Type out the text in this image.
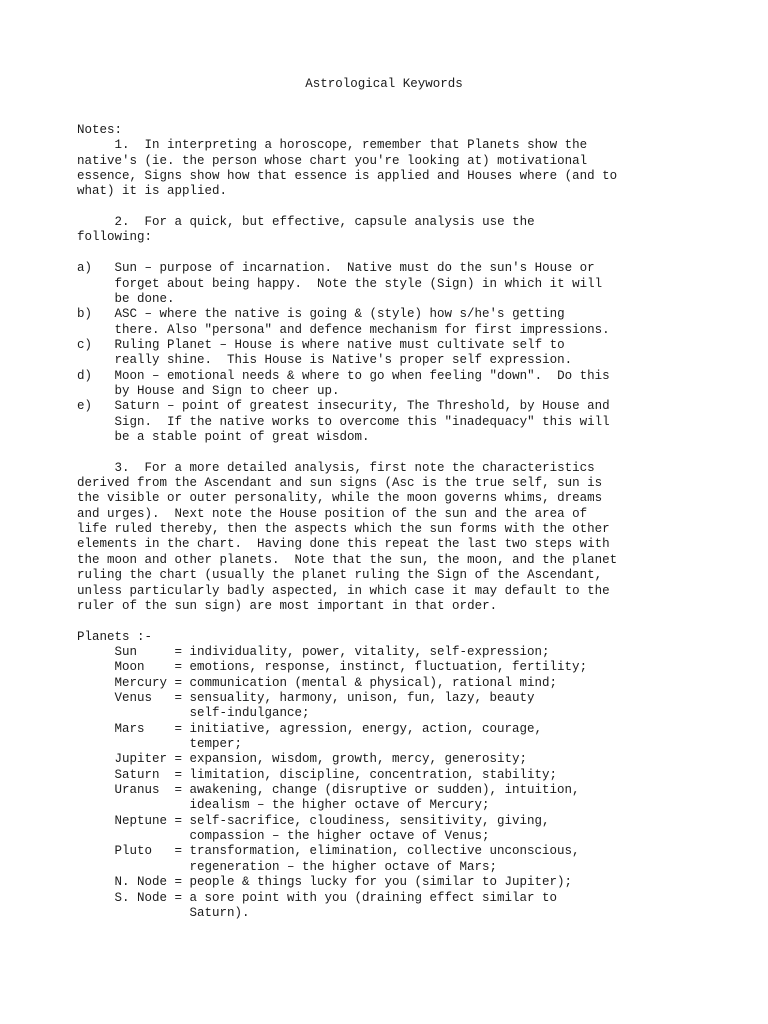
Astrological Keywords
Notes:
1.  In interpreting a horoscope, remember that Planets show the
native's (ie. the person whose chart you're looking at) motivational
essence, Signs show how that essence is applied and Houses where (and to
what) it is applied.
2.  For a quick, but effective, capsule analysis use the
following:
a) Sun – purpose of incarnation.  Native must do the sun's House or
forget about being happy.  Note the style (Sign) in which it will
be done.
b) ASC – where the native is going & (style) how s/he's getting
there. Also "persona" and defence mechanism for first impressions.
c) Ruling Planet – House is where native must cultivate self to
really shine.  This House is Native's proper self expression.
d) Moon – emotional needs & where to go when feeling "down".  Do this
by House and Sign to cheer up.
e) Saturn – point of greatest insecurity, The Threshold, by House and
Sign.  If the native works to overcome this "inadequacy" this will
be a stable point of great wisdom.
3.  For a more detailed analysis, first note the characteristics
derived from the Ascendant and sun signs (Asc is the true self, sun is
the visible or outer personality, while the moon governs whims, dreams
and urges).  Next note the House position of the sun and the area of
life ruled thereby, then the aspects which the sun forms with the other
elements in the chart.  Having done this repeat the last two steps with
the moon and other planets.  Note that the sun, the moon, and the planet
ruling the chart (usually the planet ruling the Sign of the Ascendant,
unless particularly badly aspected, in which case it may default to the
ruler of the sun sign) are most important in that order.
Planets :-
Sun	= individuality, power, vitality, self-expression;
Moon = emotions, response, instinct, fluctuation, fertility;
Mercury = communication (mental & physical), rational mind;
Venus = sensuality, harmony, unison, fun, lazy, beauty
self-indulgance;
Mars = initiative, agression, energy, action, courage,
temper;
Jupiter = expansion, wisdom, growth, mercy, generosity;
Saturn = limitation, discipline, concentration, stability;
Uranus = awakening, change (disruptive or sudden), intuition,
idealism – the higher octave of Mercury;
Neptune = self-sacrifice, cloudiness, sensitivity, giving,
compassion – the higher octave of Venus;
Pluto = transformation, elimination, collective unconscious,
regeneration – the higher octave of Mars;
N. Node = people & things lucky for you (similar to Jupiter);
S. Node = a sore point with you (draining effect similar to
Saturn).
